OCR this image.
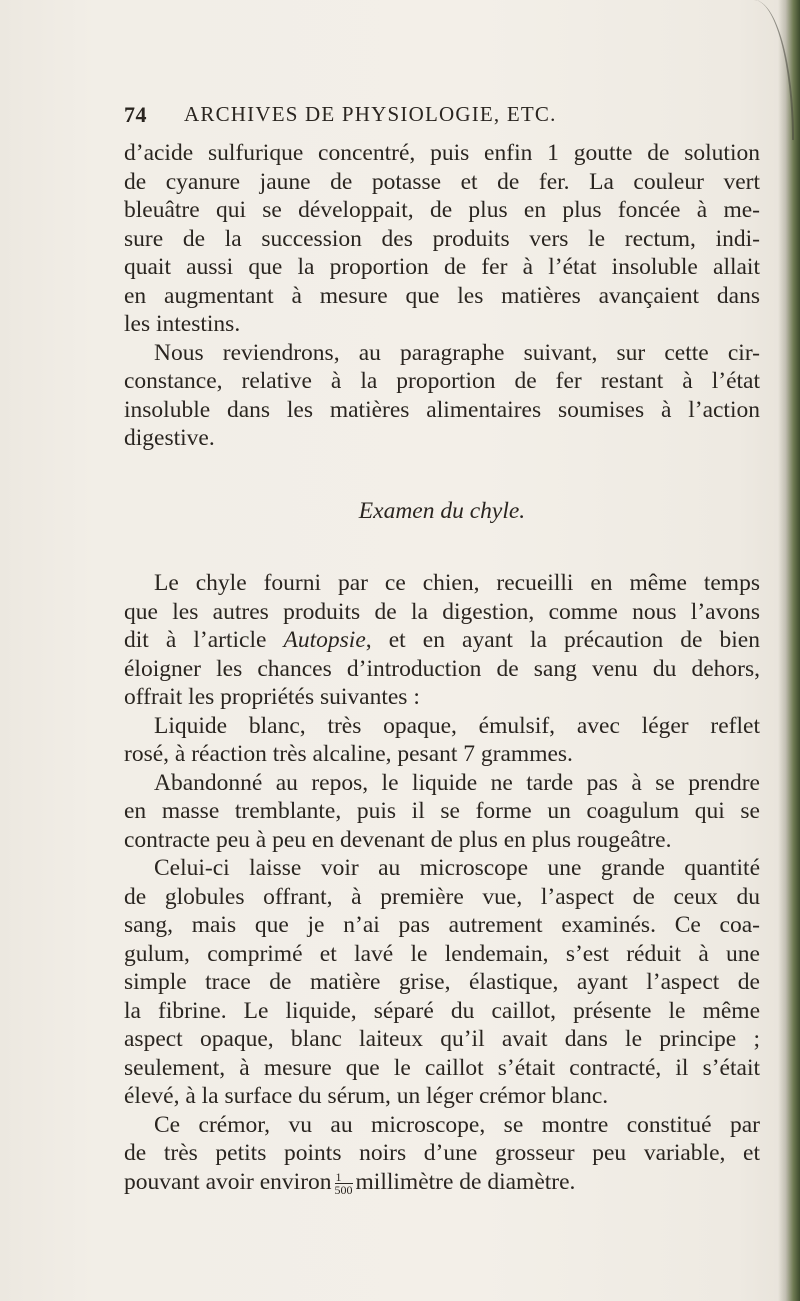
74 ARCHIVES DE PHYSIOLOGIE, ETC.
d’acide sulfurique concentré, puis enfin 1 goutte de solution
de cyanure jaune de potasse et de fer. La couleur vert
bleuâtre qui se développait, de plus en plus foncée à me-
sure de la succession des produits vers le rectum, indi-
quait aussi que la proportion de fer à l’état insoluble allait
en augmentant à mesure que les matières avançaient dans
les intestins.
Nous reviendrons, au paragraphe suivant, sur cette cir-
constance, relative à la proportion de fer restant à l’état
insoluble dans les matières alimentaires soumises à l’action
digestive.
Examen du chyle.
Le chyle fourni par ce chien, recueilli en même temps
que les autres produits de la digestion, comme nous l’avons
dit à l’article Autopsie, et en ayant la précaution de bien
éloigner les chances d’introduction de sang venu du dehors,
offrait les propriétés suivantes :
Liquide blanc, très opaque, émulsif, avec léger reflet
rosé, à réaction très alcaline, pesant 7 grammes.
Abandonné au repos, le liquide ne tarde pas à se prendre
en masse tremblante, puis il se forme un coagulum qui se
contracte peu à peu en devenant de plus en plus rougeâtre.
Celui-ci laisse voir au microscope une grande quantité
de globules offrant, à première vue, l’aspect de ceux du
sang, mais que je n’ai pas autrement examinés. Ce coa-
gulum, comprimé et lavé le lendemain, s’est réduit à une
simple trace de matière grise, élastique, ayant l’aspect de
la fibrine. Le liquide, séparé du caillot, présente le même
aspect opaque, blanc laiteux qu’il avait dans le principe ;
seulement, à mesure que le caillot s’était contracté, il s’était
élevé, à la surface du sérum, un léger crémor blanc.
Ce crémor, vu au microscope, se montre constitué par
de très petits points noirs d’une grosseur peu variable, et
pouvant avoir environ $\frac{1}{500}$ millimètre de diamètre.
